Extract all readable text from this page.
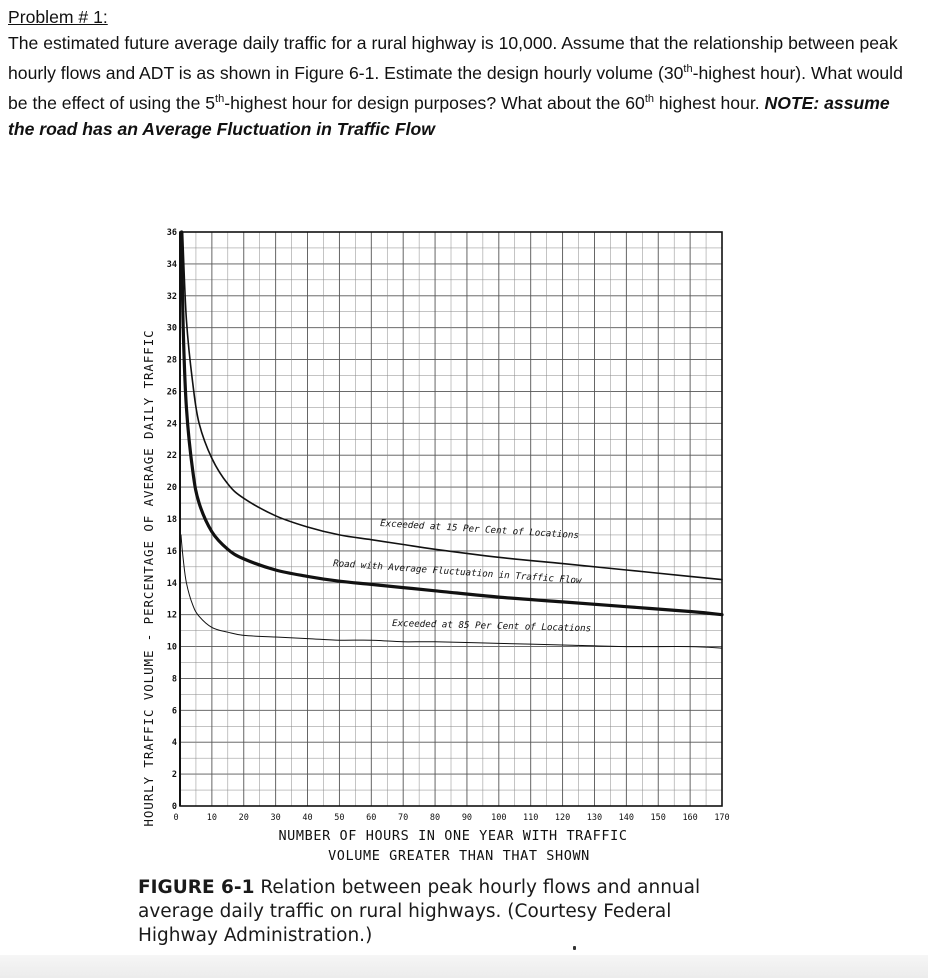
Problem # 1:
The estimated future average daily traffic for a rural highway is 10,000. Assume that the relationship between peak hourly flows and ADT is as shown in Figure 6-1. Estimate the design hourly volume (30th-highest hour). What would be the effect of using the 5th-highest hour for design purposes? What about the 60th highest hour. NOTE: assume the road has an Average Fluctuation in Traffic Flow
0
2
4
6
8
10
12
14
16
18
20
22
24
26
28
30
32
34
36
0	10	20	30	40	50	60	70	80	90 100 110 120 130 140 150 160 170
Exceeded at 15 Per Cent of Locations
Road with Average Fluctuation in Traffic Flow
Exceeded at 85 Per Cent of Locations
HOURLY TRAFFIC VOLUME - PERCENTAGE OF AVERAGE DAILY TRAFFIC
NUMBER OF HOURS IN ONE YEAR WITH TRAFFIC
VOLUME GREATER THAN THAT SHOWN
FIGURE 6-1 Relation between peak hourly flows and annual average daily traffic on rural highways. (Courtesy Federal Highway Administration.)
